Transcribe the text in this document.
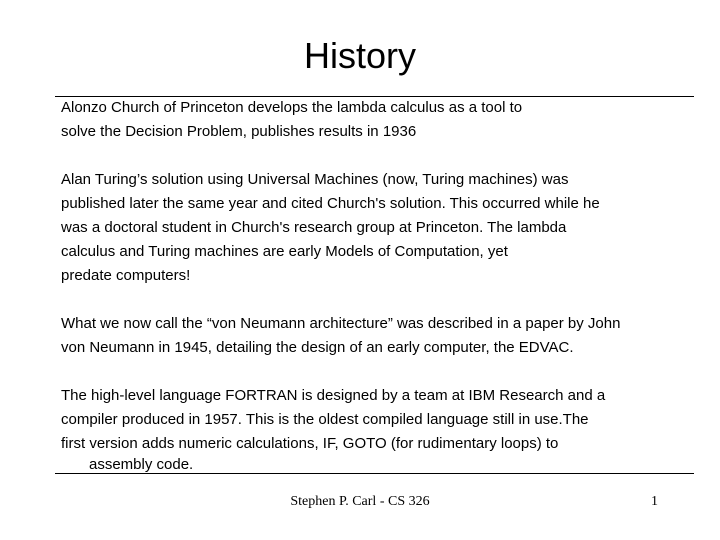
History

Alonzo Church of Princeton develops the lambda calculus as a tool to
solve the Decision Problem, publishes results in 1936

Alan Turing’s solution using Universal Machines (now, Turing machines) was
published later the same year and cited Church's solution. This occurred while he
was a doctoral student in Church's research group at Princeton. The lambda
calculus and Turing machines are early Models of Computation, yet
predate computers!

What we now call the “von Neumann architecture” was described in a paper by John
von Neumann in 1945, detailing the design of an early computer, the EDVAC.

The high-level language FORTRAN is designed by a team at IBM Research and a
compiler produced in 1957. This is the oldest compiled language still in use.The
first version adds numeric calculations, IF, GOTO (for rudimentary loops) to
assembly code.

Stephen P. Carl - CS 326	1
